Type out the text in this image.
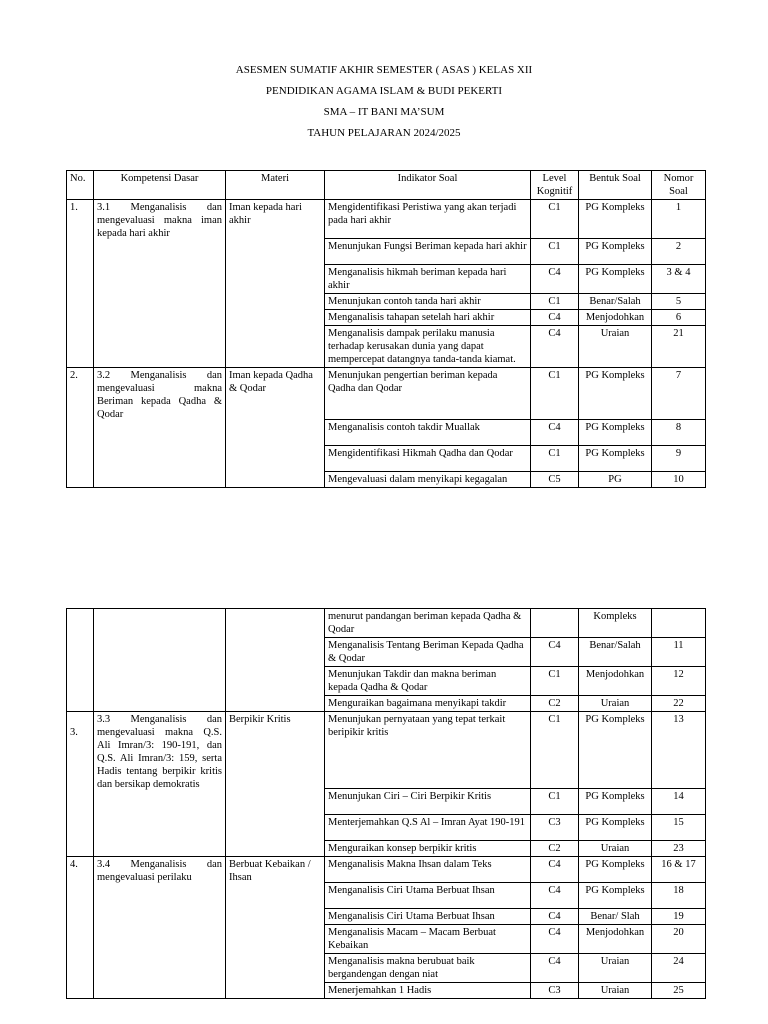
ASESMEN SUMATIF AKHIR SEMESTER ( ASAS ) KELAS XII
PENDIDIKAN AGAMA ISLAM & BUDI PEKERTI
SMA – IT BANI MA’SUM
TAHUN PELAJARAN 2024/2025
No.	Kompetensi Dasar	Materi	Indikator Soal	Level Kognitif	Bentuk Soal	Nomor Soal
1.	3.1 Menganalisis dan mengevaluasi makna iman kepada hari akhir	Iman kepada hari akhir	Mengidentifikasi Peristiwa yang akan terjadi pada hari akhir	C1	PG Kompleks	1
			Menunjukan Fungsi Beriman kepada hari akhir	C1	PG Kompleks	2
			Menganalisis hikmah beriman kepada hari akhir	C4	PG Kompleks	3 & 4
			Menunjukan contoh tanda hari akhir	C1	Benar/Salah	5
			Menganalisis tahapan setelah hari akhir	C4	Menjodohkan	6
			Menganalisis dampak perilaku manusia terhadap kerusakan dunia yang dapat mempercepat datangnya tanda-tanda kiamat.	C4	Uraian	21
2.	3.2 Menganalisis dan mengevaluasi makna Beriman kepada Qadha & Qodar	Iman kepada Qadha & Qodar	Menunjukan pengertian beriman kepada Qadha dan Qodar	C1	PG Kompleks	7
			Menganalisis contoh takdir Muallak	C4	PG Kompleks	8
			Mengidentifikasi Hikmah Qadha dan Qodar	C1	PG Kompleks	9
			Mengevaluasi dalam menyikapi kegagalan	C5	PG	10
			menurut pandangan beriman kepada Qadha & Qodar		Kompleks	
			Menganalisis Tentang Beriman Kepada Qadha & Qodar	C4	Benar/Salah	11
			Menunjukan Takdir dan makna beriman kepada Qadha & Qodar	C1	Menjodohkan	12
			Menguraikan bagaimana menyikapi takdir	C2	Uraian	22
3.	3.3 Menganalisis dan mengevaluasi makna Q.S. Ali Imran/3: 190-191, dan Q.S. Ali Imran/3: 159, serta Hadis tentang berpikir kritis dan bersikap demokratis	Berpikir Kritis	Menunjukan pernyataan yang tepat terkait beripikir kritis	C1	PG Kompleks	13
			Menunjukan Ciri – Ciri Berpikir Kritis	C1	PG Kompleks	14
			Menterjemahkan Q.S Al – Imran Ayat 190-191	C3	PG Kompleks	15
			Menguraikan konsep berpikir kritis	C2	Uraian	23
4.	3.4 Menganalisis dan mengevaluasi perilaku	Berbuat Kebaikan / Ihsan	Menganalisis Makna Ihsan dalam Teks	C4	PG Kompleks	16 & 17
			Menganalisis Ciri Utama Berbuat Ihsan	C4	PG Kompleks	18
			Menganalisis Ciri Utama Berbuat Ihsan	C4	Benar/ Slah	19
			Menganalisis Macam – Macam Berbuat Kebaikan	C4	Menjodohkan	20
			Menganalisis makna berubuat baik bergandengan dengan niat	C4	Uraian	24
			Menerjemahkan 1 Hadis	C3	Uraian	25
